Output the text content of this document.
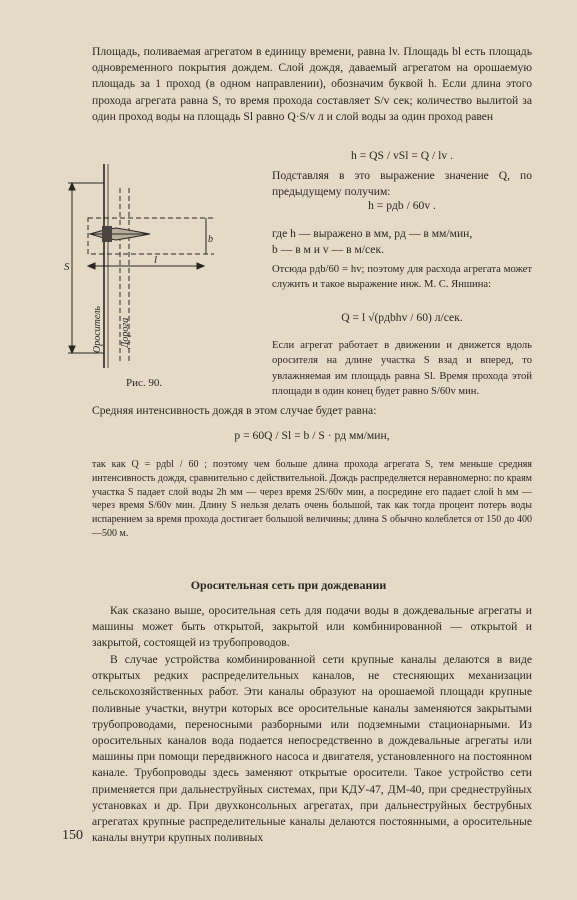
Площадь, поливаемая агрегатом в единицу времени, равна lv. Площадь bl есть площадь одновременного покрытия дождем. Слой дождя, даваемый агрегатом на орошаемую площадь за 1 проход (в одном направлении), обозначим буквой h. Если длина этого прохода агрегата равна S, то время прохода составляет S/v сек; количество вылитой за один проход воды на площадь Sl равно Q·S/v л и слой воды за один проход равен

S
b
l
Ороситель Дорога
Рис. 90.

h = QS / vSl = Q / lv .

Подставляя в это выражение значение Q, по предыдущему получим:

h = pдb / 60v .

где h — выражено в мм, pд — в мм/мин,

b — в м и v — в м/сек.

Отсюда pдb/60 = hv; поэтому для расхода агрегата может служить и такое выражение инж. М. С. Яншина:

Q = l √(pдbhv / 60) л/сек.

Если агрегат работает в движении и движется вдоль оросителя на длине участка S взад и вперед, то увлажняемая им площадь равна Sl. Время прохода этой площади в один конец будет равно S/60v мин.

Средняя интенсивность дождя в этом случае будет равна:

p = 60Q / Sl = b / S · pд мм/мин,

так как Q = pдbl / 60 ; поэтому чем больше длина прохода агрегата S, тем меньше средняя интенсивность дождя, сравнительно с действительной. Дождь распределяется неравномерно: по краям участка S падает слой воды 2h мм — через время 2S/60v мин, а посредине его падает слой h мм — через время S/60v мин. Длину S нельзя делать очень большой, так как тогда процент потерь воды испарением за время прохода достигает большой величины; длина S обычно колеблется от 150 до 400—500 м.

Оросительная сеть при дождевании

Как сказано выше, оросительная сеть для подачи воды в дождевальные агрегаты и машины может быть открытой, закрытой или комбинированной — открытой и закрытой, состоящей из трубопроводов.

В случае устройства комбинированной сети крупные каналы делаются в виде открытых редких распределительных каналов, не стесняющих механизации сельскохозяйственных работ. Эти каналы образуют на орошаемой площади крупные поливные участки, внутри которых все оросительные каналы заменяются закрытыми трубопроводами, переносными разборными или подземными стационарными. Из оросительных каналов вода подается непосредственно в дождевальные агрегаты или машины при помощи передвижного насоса и двигателя, установленного на постоянном канале. Трубопроводы здесь заменяют открытые оросители. Такое устройство сети применяется при дальнеструйных системах, при КДУ-47, ДМ-40, при среднеструйных установках и др. При двухконсольных агрегатах, при дальнеструйных беструбных агрегатах крупные распределительные каналы делаются постоянными, а оросительные каналы внутри крупных поливных

150
